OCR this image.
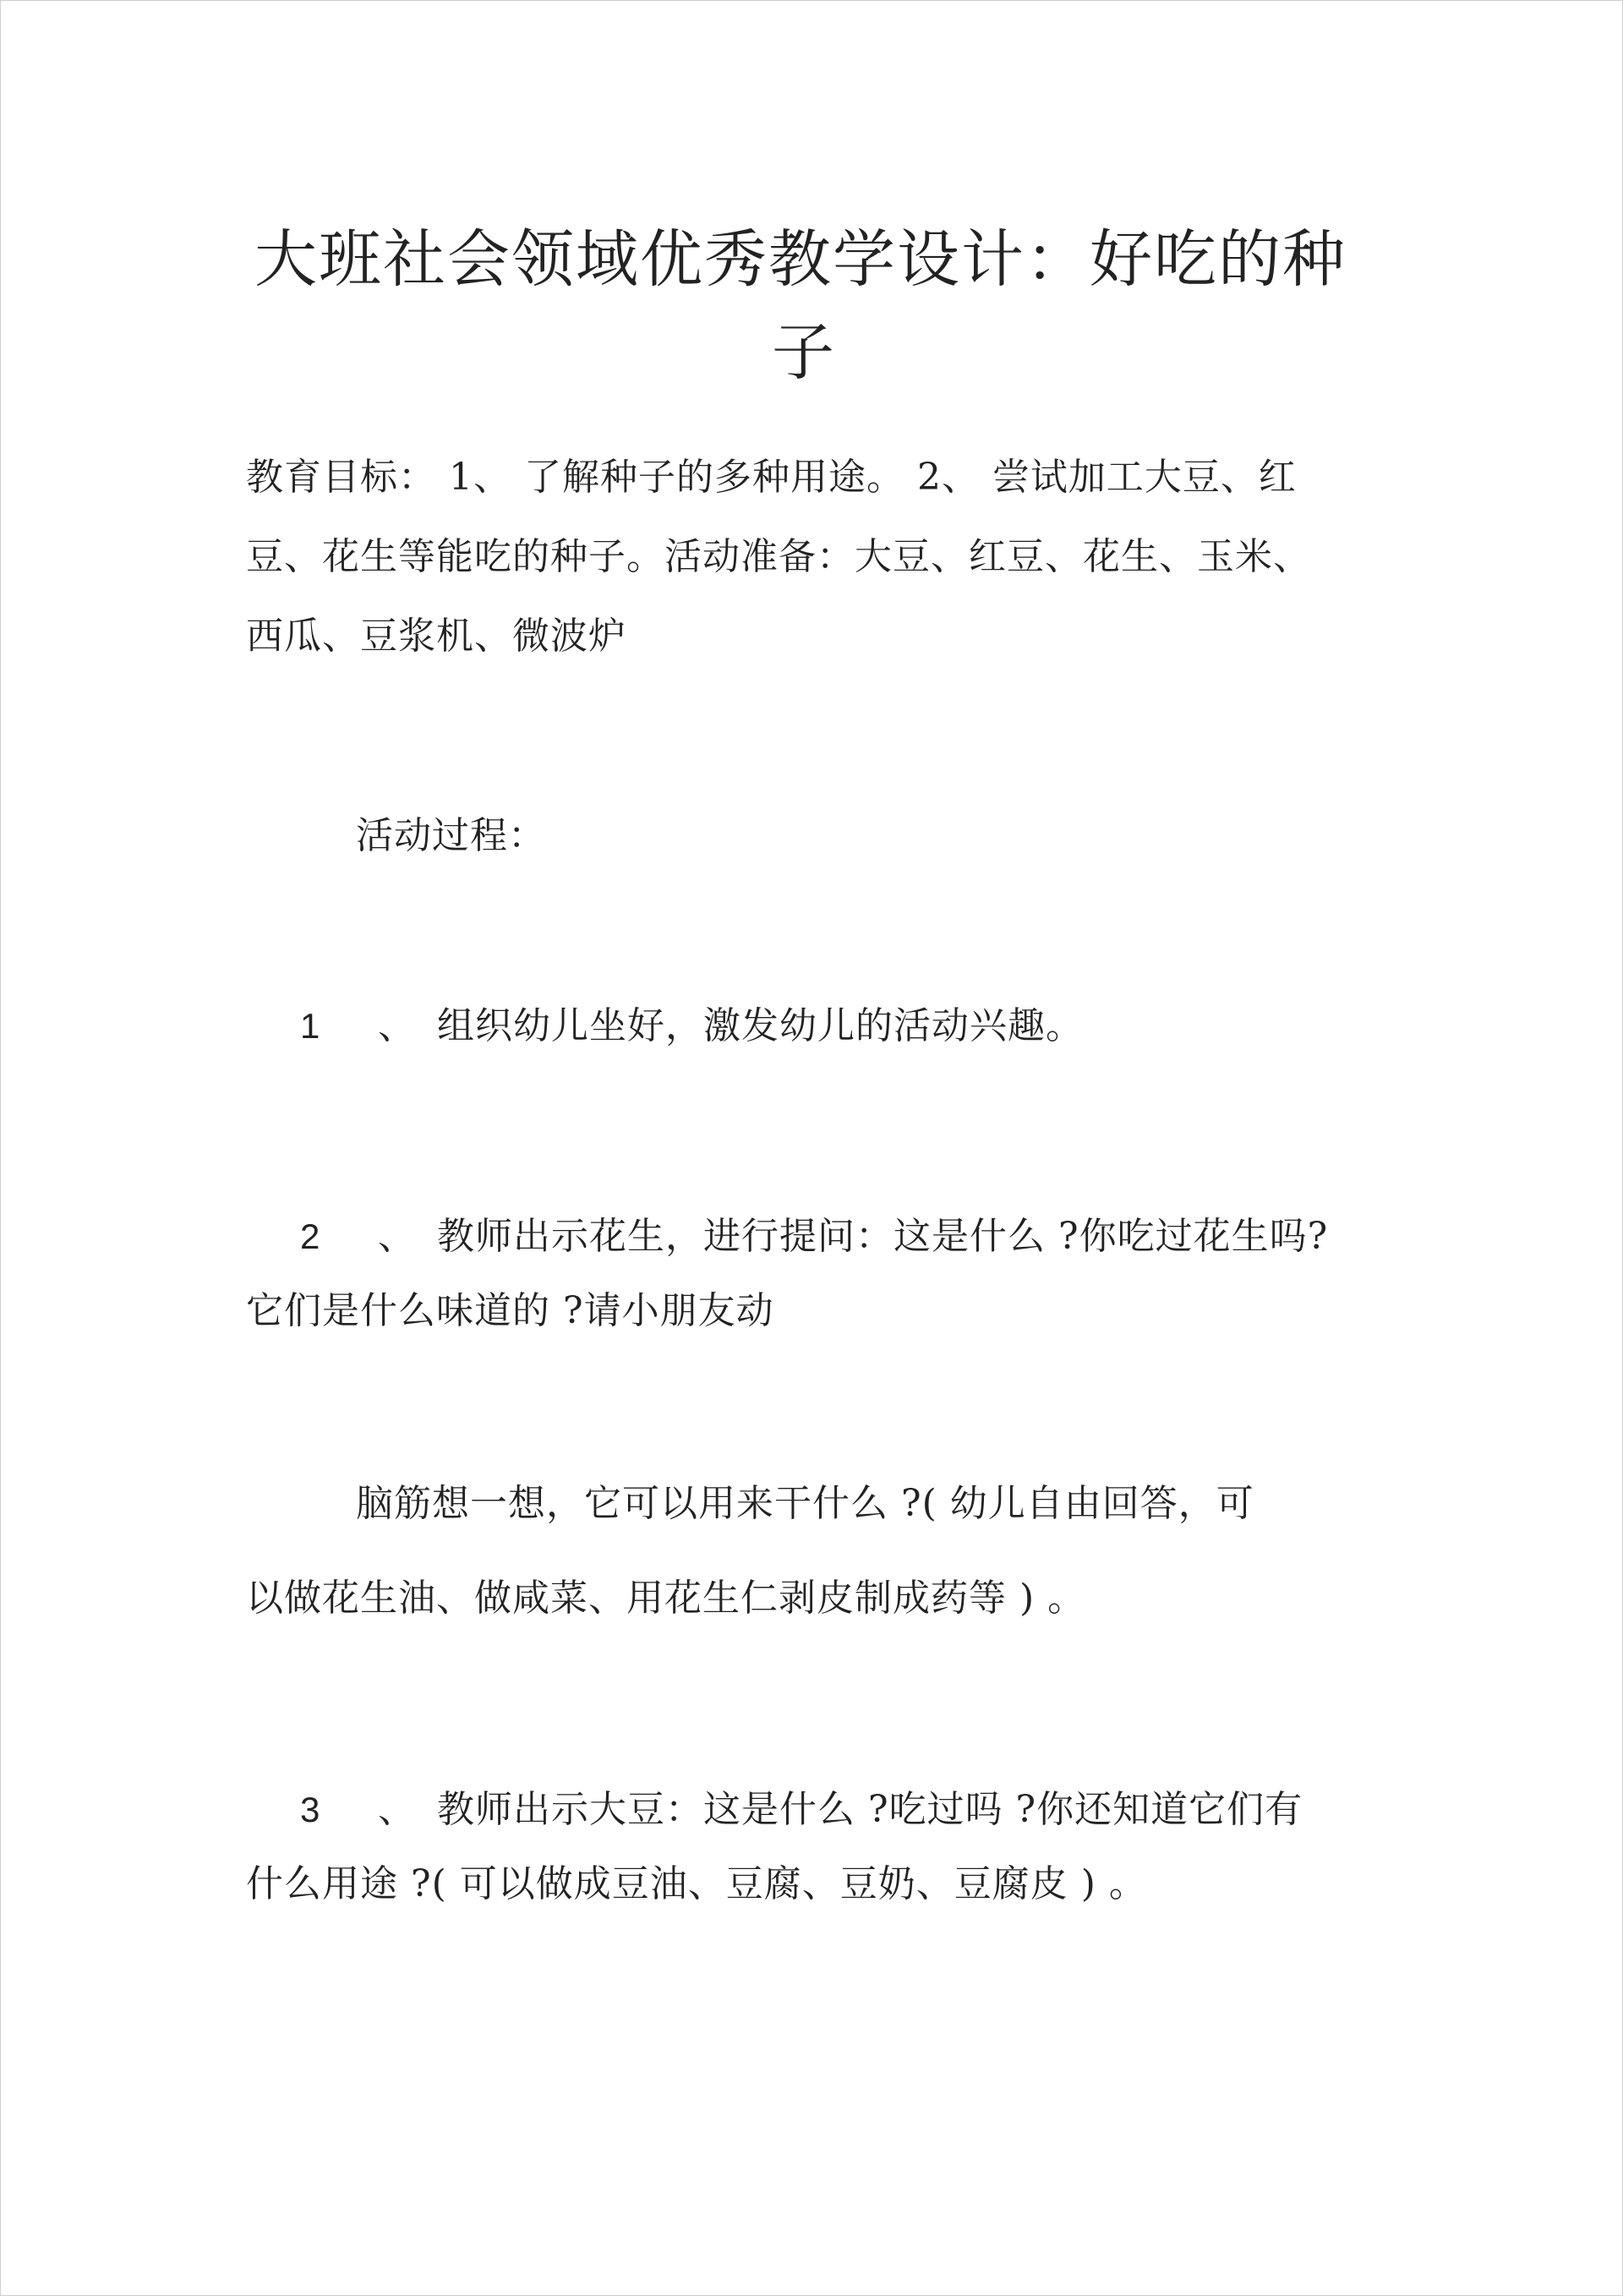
大班社会领域优秀教学设计：好吃的种
子
教育目标： 1、 了解种子的多种用途。 2、 尝试加工大豆、红
豆、花生等能吃的种子。活动准备：大豆、红豆、花生、玉米、
西瓜、豆浆机、微波炉
活动过程：
1 、 组织幼儿坐好，激发幼儿的活动兴趣。
2 、 教师出示花生，进行提问：这是什么 ?你吃过花生吗?
它们是什么味道的 ?请小朋友动
脑筋想一想，它可以用来干什么 ?( 幼儿自由回答，可
以做花生油、做咸菜、用花生仁剥皮制成药等 ) 。
3 、 教师出示大豆：这是什么 ?吃过吗 ?你还知道它们有
什么用途 ?( 可以做成豆油、豆腐、豆奶、豆腐皮 ) 。
